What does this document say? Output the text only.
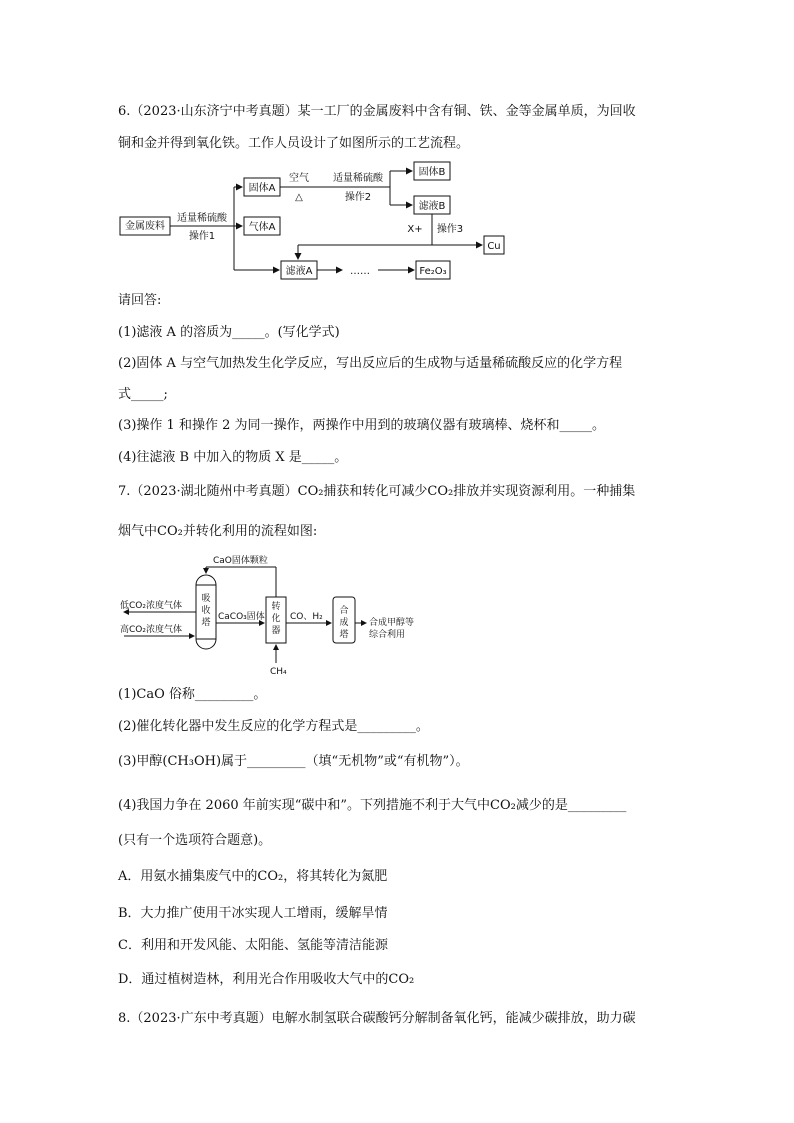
6.（2023·山东济宁中考真题）某一工厂的金属废料中含有铜、铁、金等金属单质，为回收
铜和金并得到氧化铁。工作人员设计了如图所示的工艺流程。
金属废料
固体A
气体A
滤液A
固体B
滤液B
Cu
Fe₂O₃
适量稀硫酸
操作1
空气
△
适量稀硫酸
操作2
X+ 操作3
……
请回答:
(1)滤液 A 的溶质为_____。(写化学式)
(2)固体 A 与空气加热发生化学反应，写出反应后的生成物与适量稀硫酸反应的化学方程
式_____;
(3)操作 1 和操作 2 为同一操作，两操作中用到的玻璃仪器有玻璃棒、烧杯和_____。
(4)往滤液 B 中加入的物质 X 是_____。
7.（2023·湖北随州中考真题）CO₂捕获和转化可减少CO₂排放并实现资源利用。一种捕集
烟气中CO₂并转化利用的流程如图:
CaO固体颗粒
低CO₂浓度气体
高CO₂浓度气体
CaCO₃固体	CO、H₂
合成甲醇等
综合利用
CH₄
吸
收
塔
转
化
器
合
成
塔
(1)CaO 俗称_________。
(2)催化转化器中发生反应的化学方程式是_________。
(3)甲醇(CH₃OH)属于_________（填“无机物”或“有机物”）。
(4)我国力争在 2060 年前实现“碳中和”。下列措施不利于大气中CO₂减少的是_________
(只有一个选项符合题意)。
A．用氨水捕集废气中的CO₂，将其转化为氮肥
B．大力推广使用干冰实现人工增雨，缓解旱情
C．利用和开发风能、太阳能、氢能等清洁能源
D．通过植树造林，利用光合作用吸收大气中的CO₂
8.（2023·广东中考真题）电解水制氢联合碳酸钙分解制备氧化钙，能减少碳排放，助力碳
